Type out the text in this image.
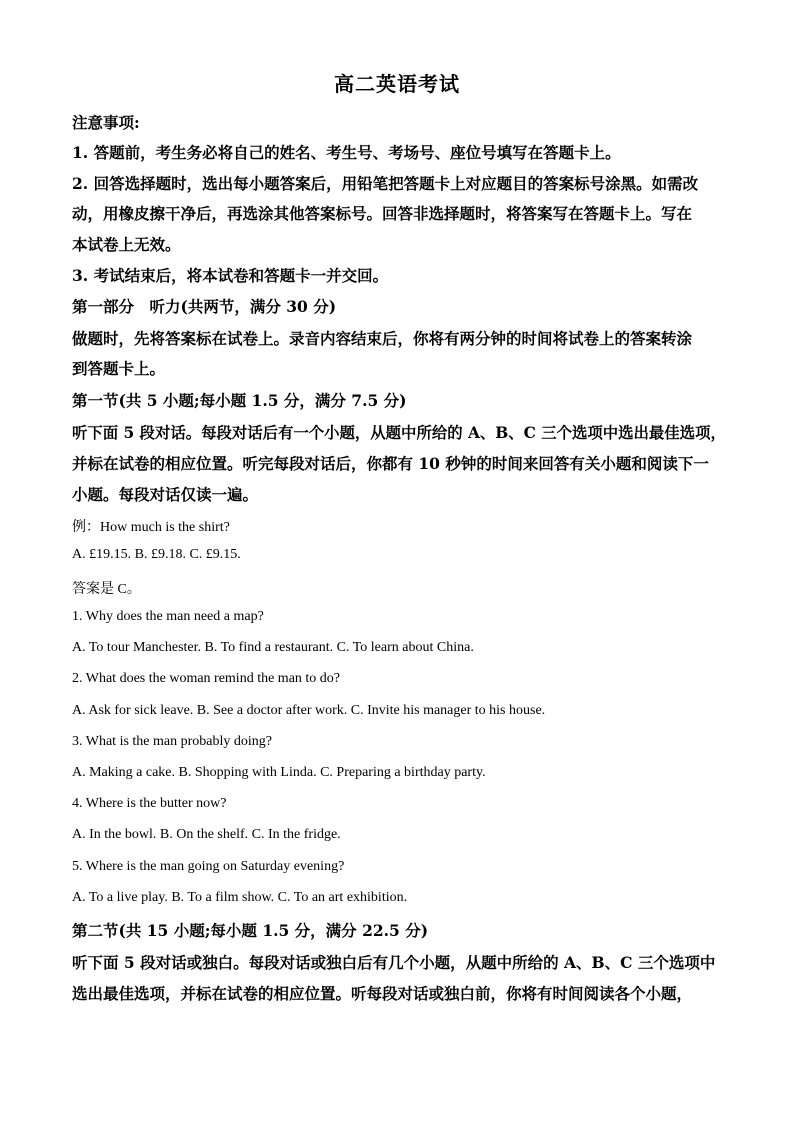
高二英语考试
注意事项:
1. 答题前，考生务必将自己的姓名、考生号、考场号、座位号填写在答题卡上。
2. 回答选择题时，选出每小题答案后，用铅笔把答题卡上对应题目的答案标号涂黑。如需改
动，用橡皮擦干净后，再选涂其他答案标号。回答非选择题时，将答案写在答题卡上。写在
本试卷上无效。
3. 考试结束后，将本试卷和答题卡一并交回。
第一部分　听力(共两节，满分 30 分)
做题时，先将答案标在试卷上。录音内容结束后，你将有两分钟的时间将试卷上的答案转涂
到答题卡上。
第一节(共 5 小题;每小题 1.5 分，满分 7.5 分)
听下面 5 段对话。每段对话后有一个小题，从题中所给的 A、B、C 三个选项中选出最佳选项，
并标在试卷的相应位置。听完每段对话后，你都有 10 秒钟的时间来回答有关小题和阅读下一
小题。每段对话仅读一遍。
例：How much is the shirt?
A. £19.15. B. £9.18. C. £9.15.
答案是 C。
1. Why does the man need a map?
A. To tour Manchester. B. To find a restaurant. C. To learn about China.
2. What does the woman remind the man to do?
A. Ask for sick leave. B. See a doctor after work. C. Invite his manager to his house.
3. What is the man probably doing?
A. Making a cake. B. Shopping with Linda. C. Preparing a birthday party.
4. Where is the butter now?
A. In the bowl. B. On the shelf. C. In the fridge.
5. Where is the man going on Saturday evening?
A. To a live play. B. To a film show. C. To an art exhibition.
第二节(共 15 小题;每小题 1.5 分，满分 22.5 分)
听下面 5 段对话或独白。每段对话或独白后有几个小题，从题中所给的 A、B、C 三个选项中
选出最佳选项，并标在试卷的相应位置。听每段对话或独白前，你将有时间阅读各个小题，
